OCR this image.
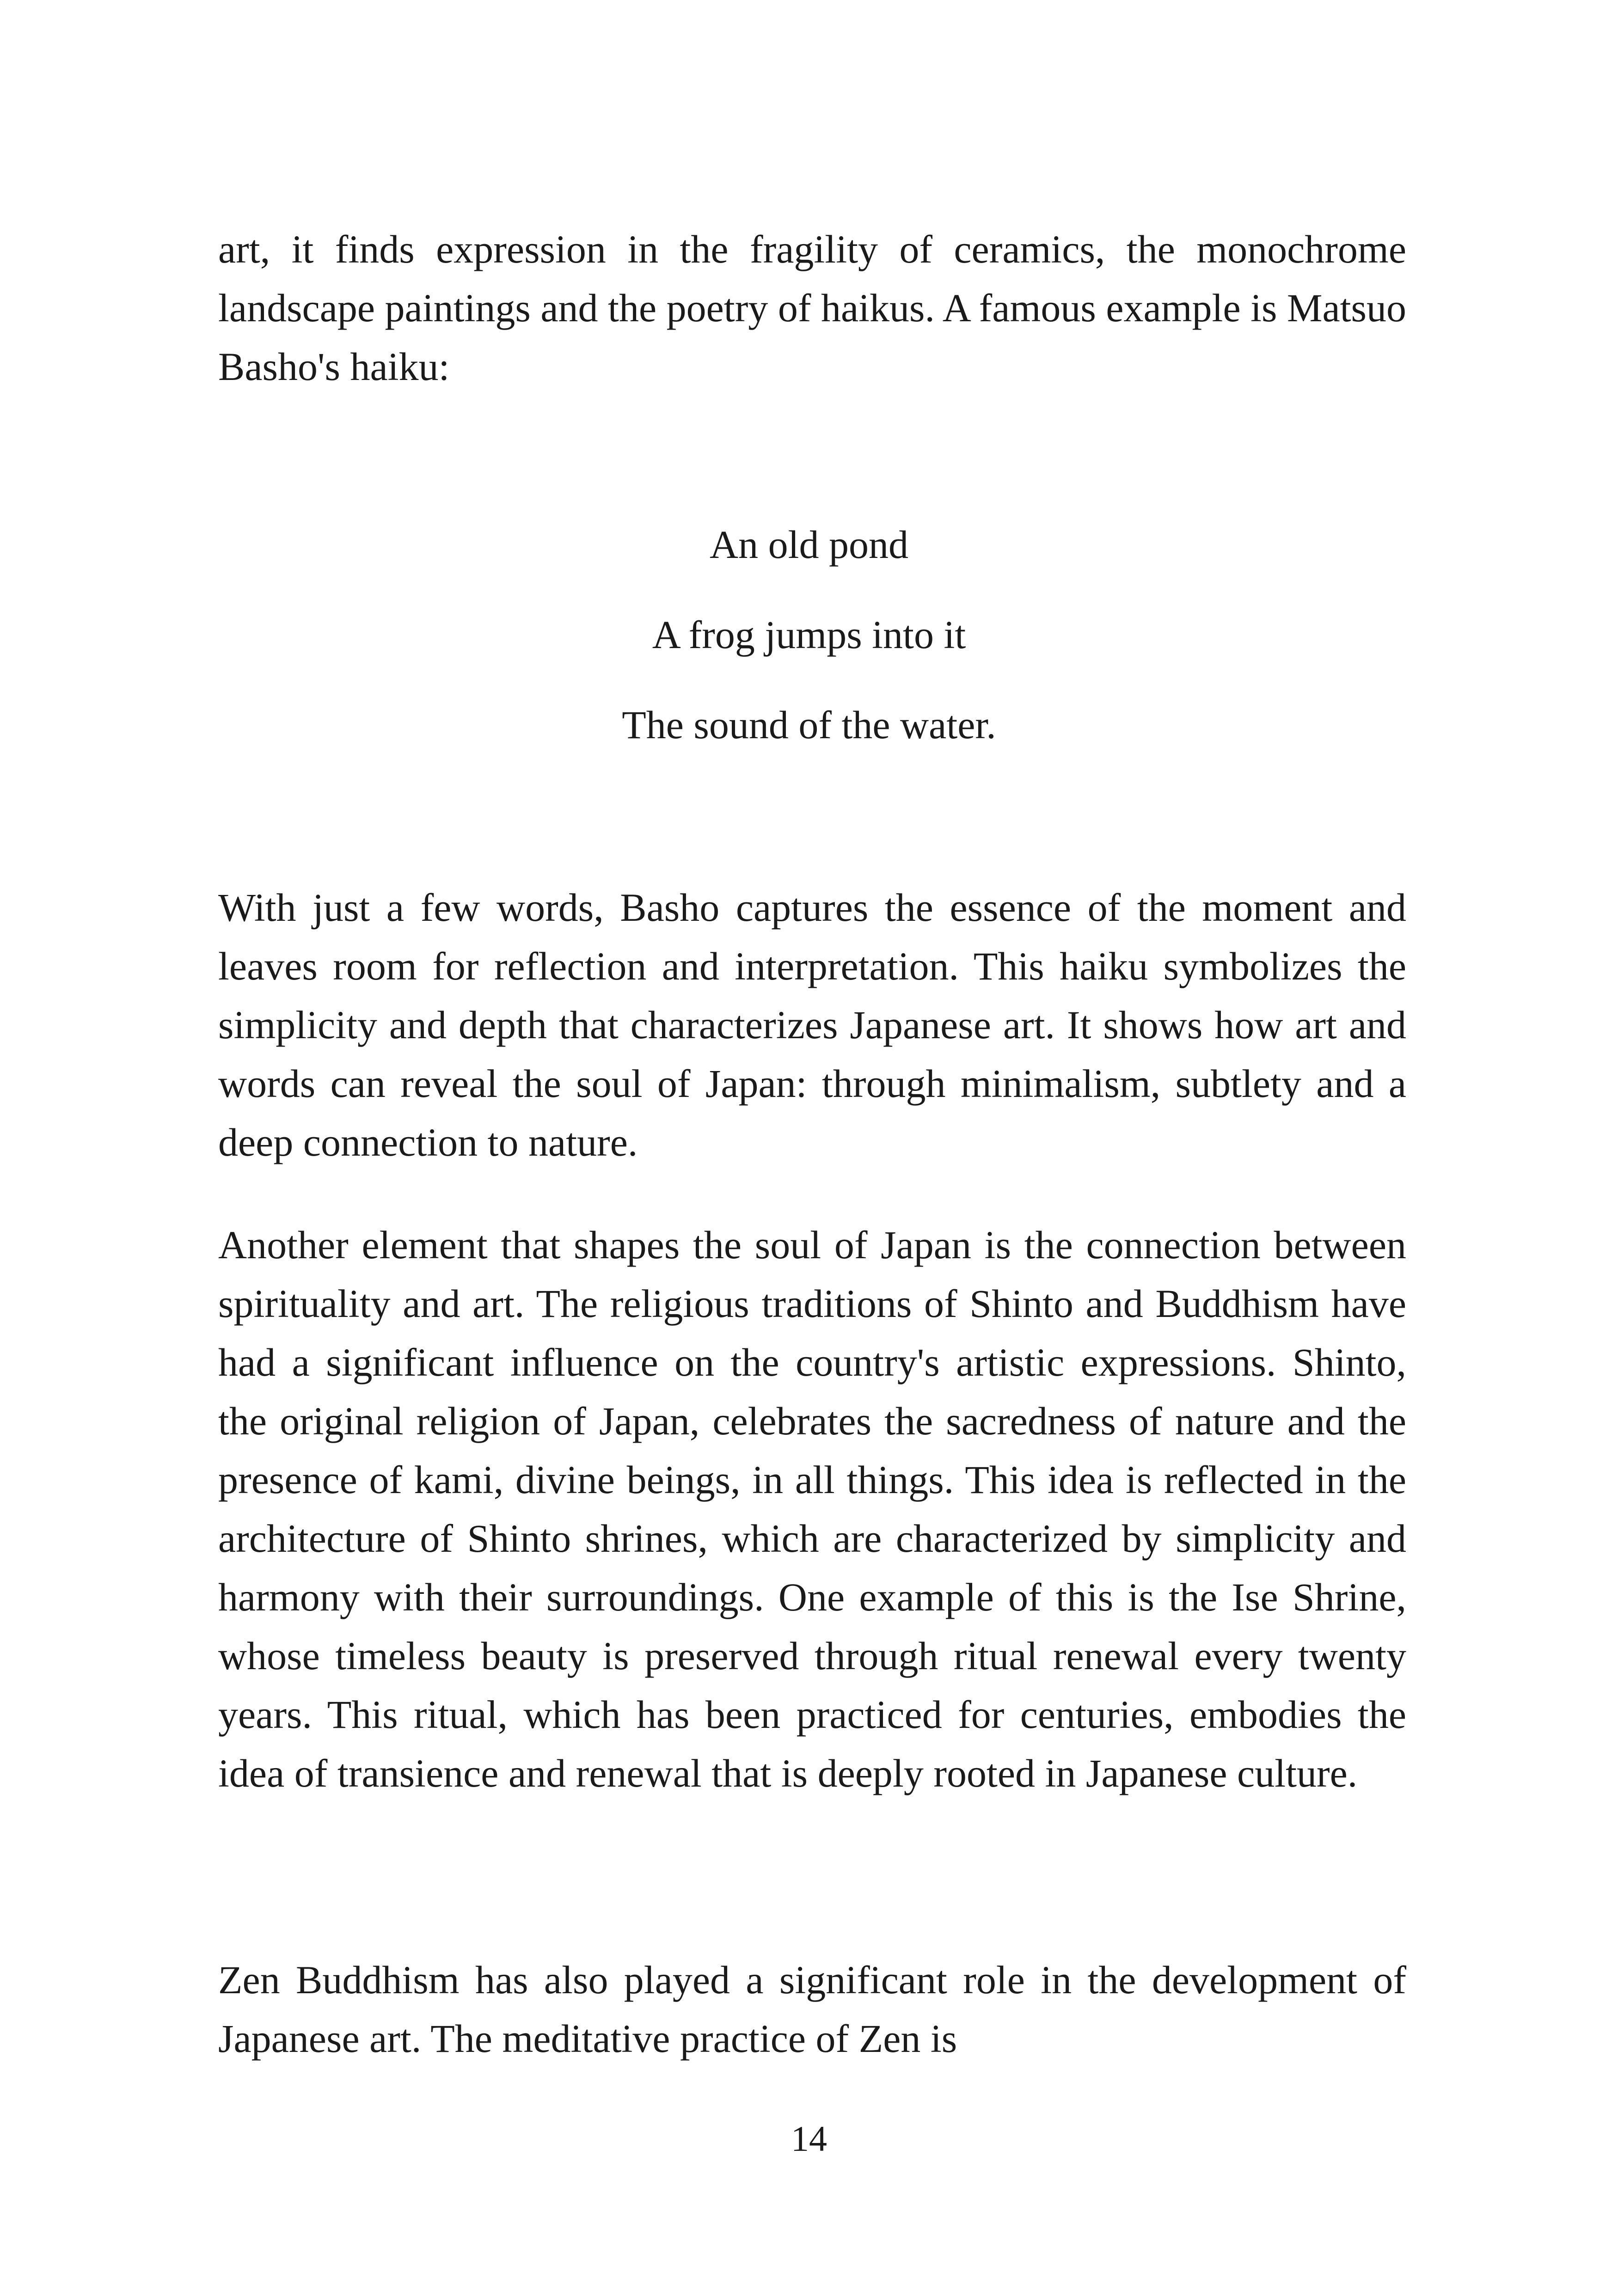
art, it finds expression in the fragility of ceramics, the monochrome landscape paintings and the poetry of haikus. A famous example is Matsuo Basho's haiku:

An old pond
A frog jumps into it
The sound of the water.

With just a few words, Basho captures the essence of the moment and leaves room for reflection and interpretation. This haiku symbolizes the simplicity and depth that characterizes Japanese art. It shows how art and words can reveal the soul of Japan: through minimalism, subtlety and a deep connection to nature.

Another element that shapes the soul of Japan is the connection between spirituality and art. The religious traditions of Shinto and Buddhism have had a significant influence on the country's artistic expressions. Shinto, the original religion of Japan, celebrates the sacredness of nature and the presence of kami, divine beings, in all things. This idea is reflected in the architecture of Shinto shrines, which are characterized by simplicity and harmony with their surroundings. One example of this is the Ise Shrine, whose timeless beauty is preserved through ritual renewal every twenty years. This ritual, which has been practiced for centuries, embodies the idea of transience and renewal that is deeply rooted in Japanese culture.

Zen Buddhism has also played a significant role in the development of Japanese art. The meditative practice of Zen is

14
